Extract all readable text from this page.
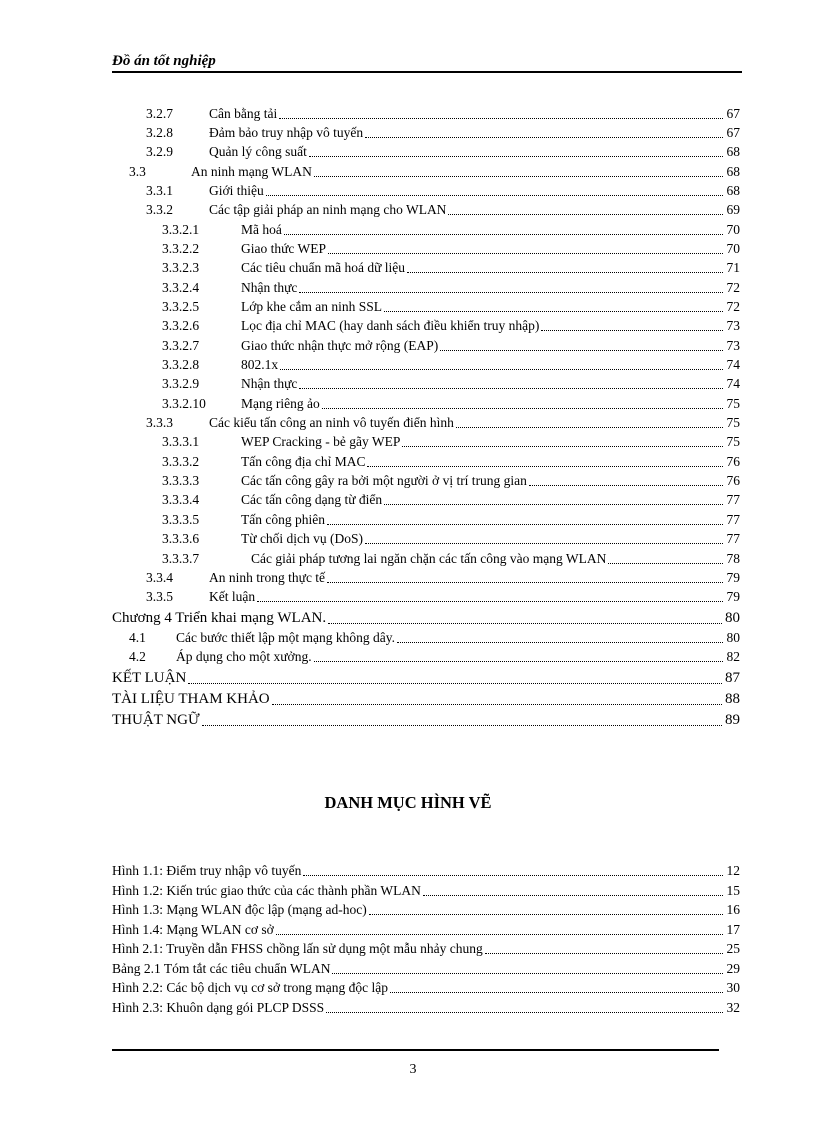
Đồ án tốt nghiệp
3.2.7	Cân bằng tải	67
3.2.8	Đảm bảo truy nhập vô tuyến	67
3.2.9	Quản lý công suất	68
3.3	An ninh mạng WLAN	68
3.3.1	Giới thiệu	68
3.3.2	Các tập giải pháp an ninh mạng cho WLAN	69
3.3.2.1	Mã hoá	70
3.3.2.2	Giao thức WEP	70
3.3.2.3	Các tiêu chuẩn mã hoá dữ liệu	71
3.3.2.4	Nhận thực	72
3.3.2.5	Lớp khe cắm an ninh SSL	72
3.3.2.6	Lọc địa chỉ MAC (hay danh sách điều khiển truy nhập)	73
3.3.2.7	Giao thức nhận thực mở rộng (EAP)	73
3.3.2.8	802.1x	74
3.3.2.9	Nhận thực	74
3.3.2.10	Mạng riêng ảo	75
3.3.3	Các kiểu tấn công an ninh vô tuyến điển hình	75
3.3.3.1	WEP Cracking - bẻ gãy WEP	75
3.3.3.2	Tấn công địa chỉ MAC	76
3.3.3.3	Các tấn công gây ra bởi một người ở vị trí trung gian	76
3.3.3.4	Các tấn công dạng từ điển	77
3.3.3.5	Tấn công phiên	77
3.3.3.6	Từ chối dịch vụ (DoS)	77
3.3.3.7	Các giải pháp tương lai ngăn chặn các tấn công vào mạng WLAN	78
3.3.4	An ninh trong thực tế	79
3.3.5	Kết luận	79
Chương 4 Triển khai mạng WLAN.	80
4.1 Các bước thiết lập một mạng không dây.	80
4.2 Áp dụng cho một xưởng.	82
KẾT LUẬN	87
TÀI LIỆU THAM KHẢO	88
THUẬT NGỮ	89
DANH MỤC HÌNH VẼ
Hình 1.1: Điểm truy nhập vô tuyến	12
Hình 1.2: Kiến trúc giao thức của các thành phần WLAN	15
Hình 1.3: Mạng WLAN độc lập (mạng ad-hoc)	16
Hình 1.4: Mạng WLAN cơ sở	17
Hình 2.1: Truyền dẫn FHSS chồng lấn sử dụng một mẫu nhảy chung	25
Bảng 2.1 Tóm tắt các tiêu chuẩn WLAN	29
Hình 2.2: Các bộ dịch vụ cơ sở trong mạng độc lập	30
Hình 2.3: Khuôn dạng gói PLCP DSSS	32
3
